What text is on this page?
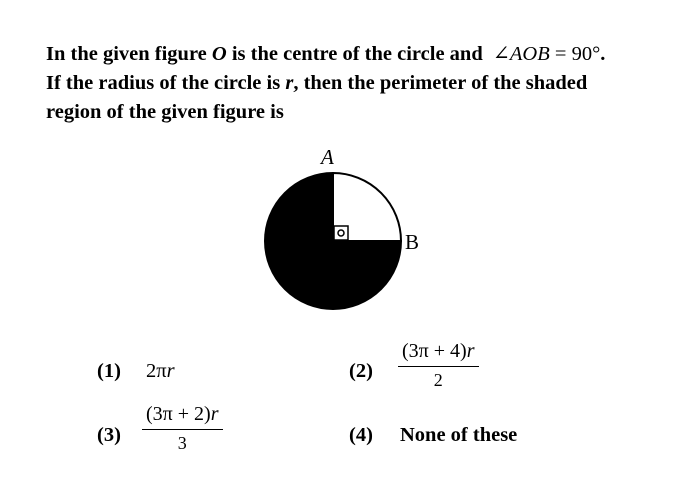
In the given figure O is the centre of the circle and ∠AOB = 90°.
If the radius of the circle is r, then the perimeter of the shaded
region of the given figure is
A
B
(1) 2πr	$(2) \frac{(3\pi + 4)r}{2}$
$(3) \frac{(3\pi + 2)r}{3}$	(4) None of these
